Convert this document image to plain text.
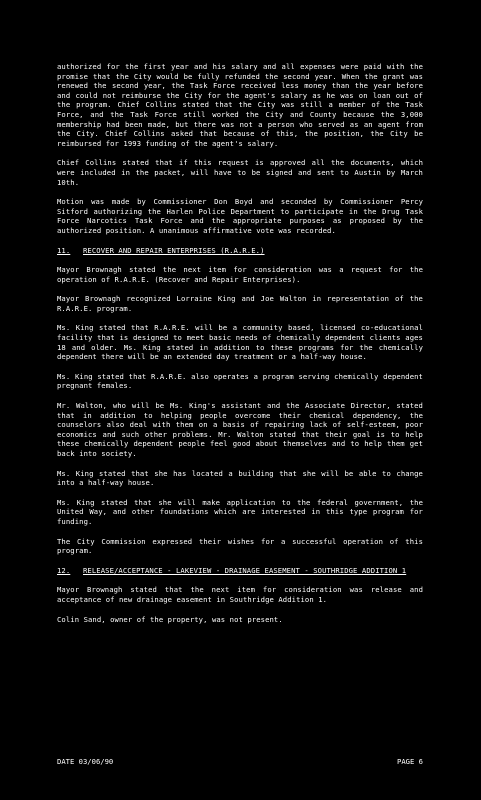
authorized for the first year and his salary and all expenses were paid with the promise that the City would be fully refunded the second year. When the grant was renewed the second year, the Task Force received less money than the year before and could not reimburse the City for the agent's salary as he was on loan out of the program. Chief Collins stated that the City was still a member of the Task Force, and the Task Force still worked the City and County because the 3,000 membership had been made, but there was not a person who served as an agent from the City. Chief Collins asked that because of this, the position, the City be reimbursed for 1993 funding of the agent's salary.

Chief Collins stated that if this request is approved all the documents, which were included in the packet, will have to be signed and sent to Austin by March 10th.

Motion was made by Commissioner Don Boyd and seconded by Commissioner Percy Sitford authorizing the Harlen Police Department to participate in the Drug Task Force Narcotics Task Force and the appropriate purposes as proposed by the authorized position. A unanimous affirmative vote was recorded.

11. RECOVER AND REPAIR ENTERPRISES (R.A.R.E.)

Mayor Brownagh stated the next item for consideration was a request for the operation of R.A.R.E. (Recover and Repair Enterprises).

Mayor Brownagh recognized Lorraine King and Joe Walton in representation of the R.A.R.E. program.

Ms. King stated that R.A.R.E. will be a community based, licensed co-educational facility that is designed to meet basic needs of chemically dependent clients ages 18 and older. Ms. King stated in addition to these programs for the chemically dependent there will be an extended day treatment or a half-way house.

Ms. King stated that R.A.R.E. also operates a program serving chemically dependent pregnant females.

Mr. Walton, who will be Ms. King's assistant and the Associate Director, stated that in addition to helping people overcome their chemical dependency, the counselors also deal with them on a basis of repairing lack of self-esteem, poor economics and such other problems. Mr. Walton stated that their goal is to help these chemically dependent people feel good about themselves and to help them get back into society.

Ms. King stated that she has located a building that she will be able to change into a half-way house.

Ms. King stated that she will make application to the federal government, the United Way, and other foundations which are interested in this type program for funding.

The City Commission expressed their wishes for a successful operation of this program.

12. RELEASE/ACCEPTANCE - LAKEVIEW - DRAINAGE EASEMENT - SOUTHRIDGE ADDITION 1

Mayor Brownagh stated that the next item for consideration was release and acceptance of new drainage easement in Southridge Addition 1.

Colin Sand, owner of the property, was not present.

DATE 03/06/90	PAGE 6
